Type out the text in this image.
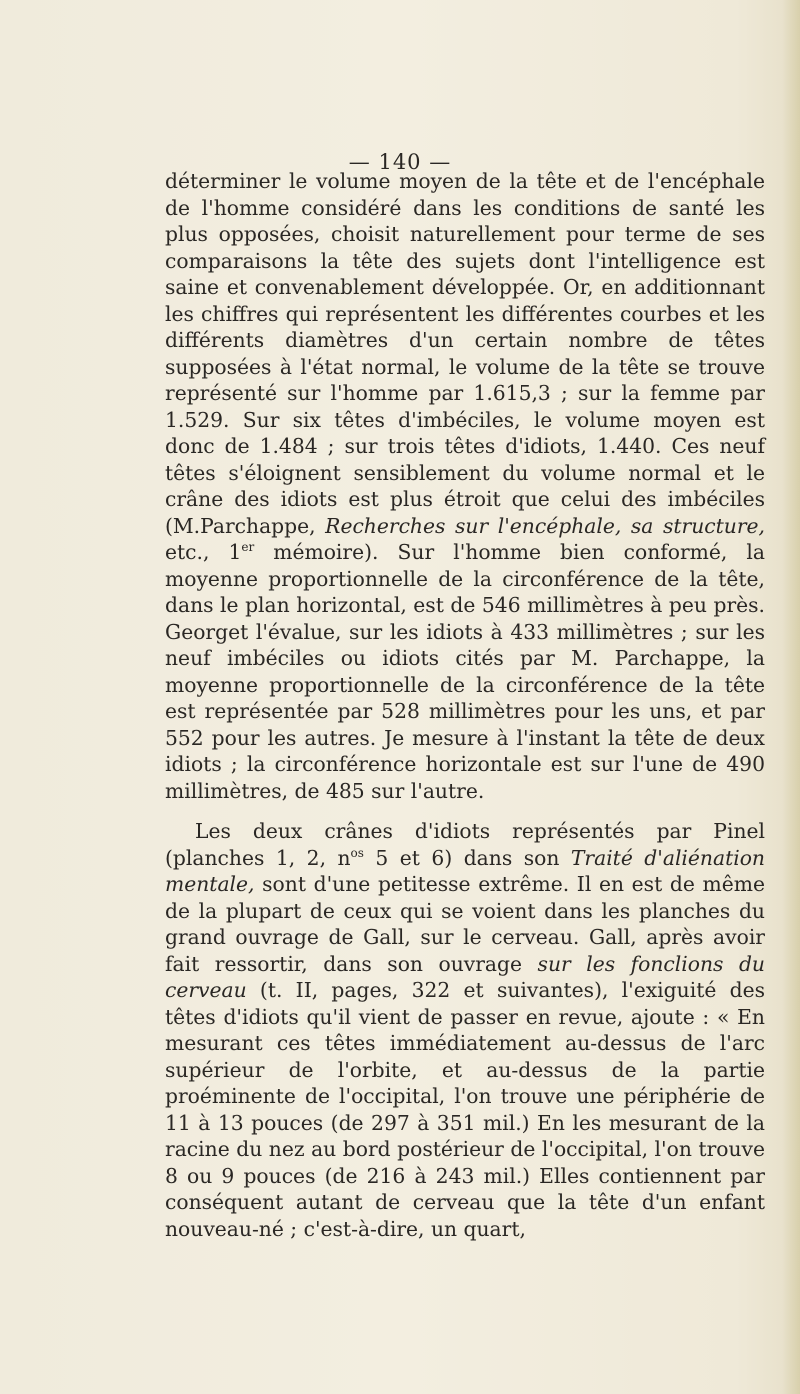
— 140 —

déterminer le volume moyen de la tête et de l'encéphale de l'homme considéré dans les conditions de santé les plus opposées, choisit naturellement pour terme de ses comparaisons la tête des sujets dont l'intelligence est saine et convenablement développée. Or, en additionnant les chiffres qui représentent les différentes courbes et les différents diamètres d'un certain nombre de têtes supposées à l'état normal, le volume de la tête se trouve représenté sur l'homme par 1.615,3 ; sur la femme par 1.529. Sur six têtes d'imbéciles, le volume moyen est donc de 1.484 ; sur trois têtes d'idiots, 1.440. Ces neuf têtes s'éloignent sensiblement du volume normal et le crâne des idiots est plus étroit que celui des imbéciles (M.Parchappe, Recherches sur l'encéphale, sa structure, etc., 1er mémoire). Sur l'homme bien conformé, la moyenne proportionnelle de la circonférence de la tête, dans le plan horizontal, est de 546 millimètres à peu près. Georget l'évalue, sur les idiots à 433 millimètres ; sur les neuf imbéciles ou idiots cités par M. Parchappe, la moyenne proportionnelle de la circonférence de la tête est représentée par 528 millimètres pour les uns, et par 552 pour les autres. Je mesure à l'instant la tête de deux idiots ; la circonférence horizontale est sur l'une de 490 millimètres, de 485 sur l'autre.

Les deux crânes d'idiots représentés par Pinel (planches 1, 2, $n^{os}$ 5 et 6) dans son Traité d'aliénation mentale, sont d'une petitesse extrême. Il en est de même de la plupart de ceux qui se voient dans les planches du grand ouvrage de Gall, sur le cerveau. Gall, après avoir fait ressortir, dans son ouvrage sur les fonclions du cerveau (t. II, pages, 322 et suivantes), l'exiguité des têtes d'idiots qu'il vient de passer en revue, ajoute : « En mesurant ces têtes immédiatement au-dessus de l'arc supérieur de l'orbite, et au-dessus de la partie proéminente de l'occipital, l'on trouve une périphérie de 11 à 13 pouces (de 297 à 351 mil.) En les mesurant de la racine du nez au bord postérieur de l'occipital, l'on trouve 8 ou 9 pouces (de 216 à 243 mil.) Elles contiennent par conséquent autant de cerveau que la tête d'un enfant nouveau-né ; c'est-à-dire, un quart,
